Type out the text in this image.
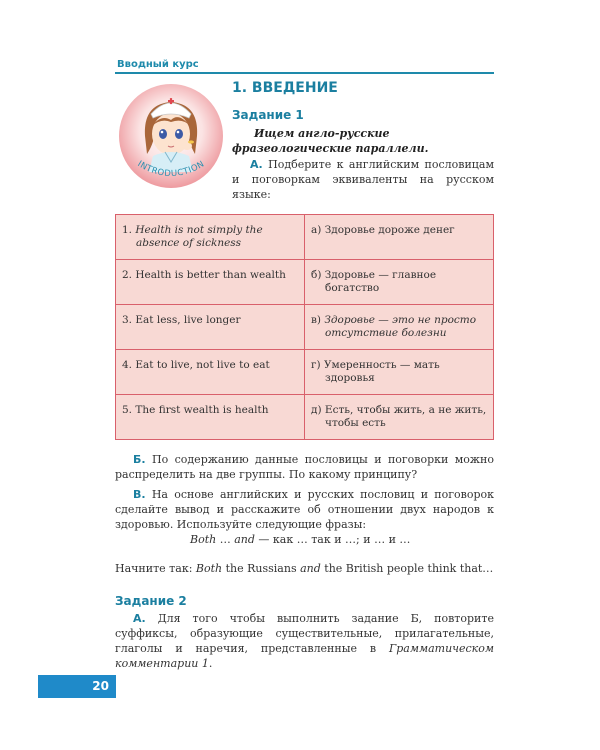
Вводный курс
INTRODUCTION
1. ВВЕДЕНИЕ
Задание 1
Ищем англо-русские фразеологические параллели.
А. Подберите к английским пословицам и поговоркам эквиваленты на русском языке:
1. Health is not simply the absence of sickness	а) Здоровье дороже денег
2. Health is better than wealth	б) Здоровье — главное богатство
3. Eat less, live longer	в) Здоровье — это не просто отсутствие болезни
4. Eat to live, not live to eat	г) Умеренность — мать здоровья
5. The first wealth is health	д) Есть, чтобы жить, а не жить, чтобы есть
Б. По содержанию данные пословицы и поговорки можно распределить на две группы. По какому принципу?
В. На основе английских и русских пословиц и поговорок сделайте вывод и расскажите об отношении двух народов к здоровью. Используйте следующие фразы:
Both … and — как … так и …; и … и …
Начните так: Both the Russians and the British people think that…
Задание 2
А. Для того чтобы выполнить задание Б, повторите суффиксы, образующие существительные, прилагательные, глаголы и наречия, представленные в Грамматическом комментарии 1.
20
